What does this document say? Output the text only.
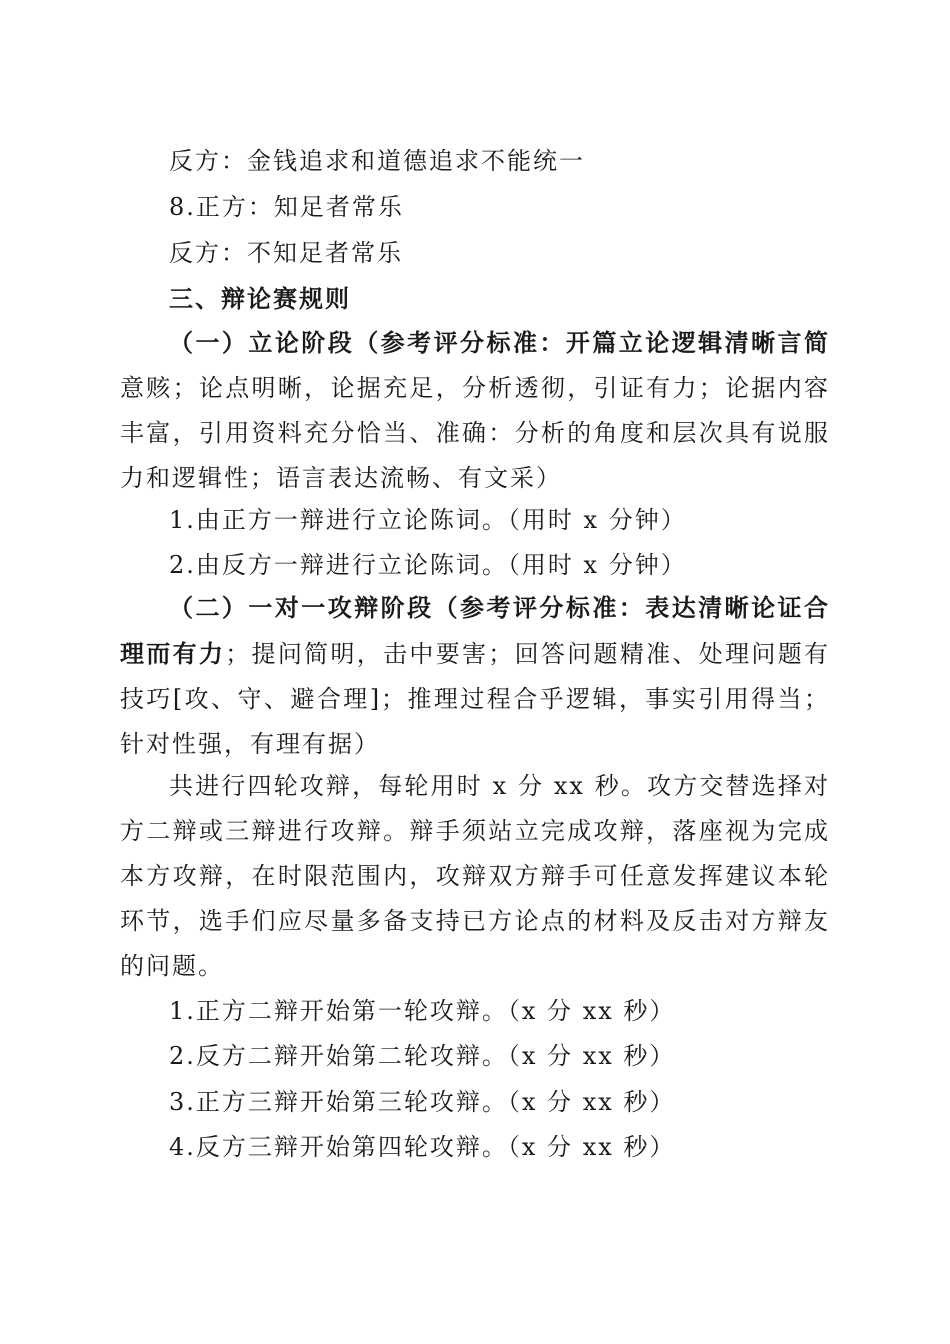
反方：金钱追求和道德追求不能统一
8.正方：知足者常乐
反方：不知足者常乐
三、辩论赛规则
（一）立论阶段（参考评分标准：开篇立论逻辑清晰言简意赅；论点明晰，论据充足，分析透彻，引证有力；论据内容丰富，引用资料充分恰当、准确：分析的角度和层次具有说服力和逻辑性；语言表达流畅、有文采）
1.由正方一辩进行立论陈词。（用时 x 分钟）
2.由反方一辩进行立论陈词。（用时 x 分钟）
（二）一对一攻辩阶段（参考评分标准：表达清晰论证合理而有力；提问简明，击中要害；回答问题精准、处理问题有技巧[攻、守、避合理]；推理过程合乎逻辑，事实引用得当；针对性强，有理有据）
共进行四轮攻辩，每轮用时 x 分 xx 秒。攻方交替选择对方二辩或三辩进行攻辩。辩手须站立完成攻辩，落座视为完成本方攻辩，在时限范围内，攻辩双方辩手可任意发挥建议本轮环节，选手们应尽量多备支持已方论点的材料及反击对方辩友的问题。
1.正方二辩开始第一轮攻辩。（x 分 xx 秒）
2.反方二辩开始第二轮攻辩。（x 分 xx 秒）
3.正方三辩开始第三轮攻辩。（x 分 xx 秒）
4.反方三辩开始第四轮攻辩。（x 分 xx 秒）
